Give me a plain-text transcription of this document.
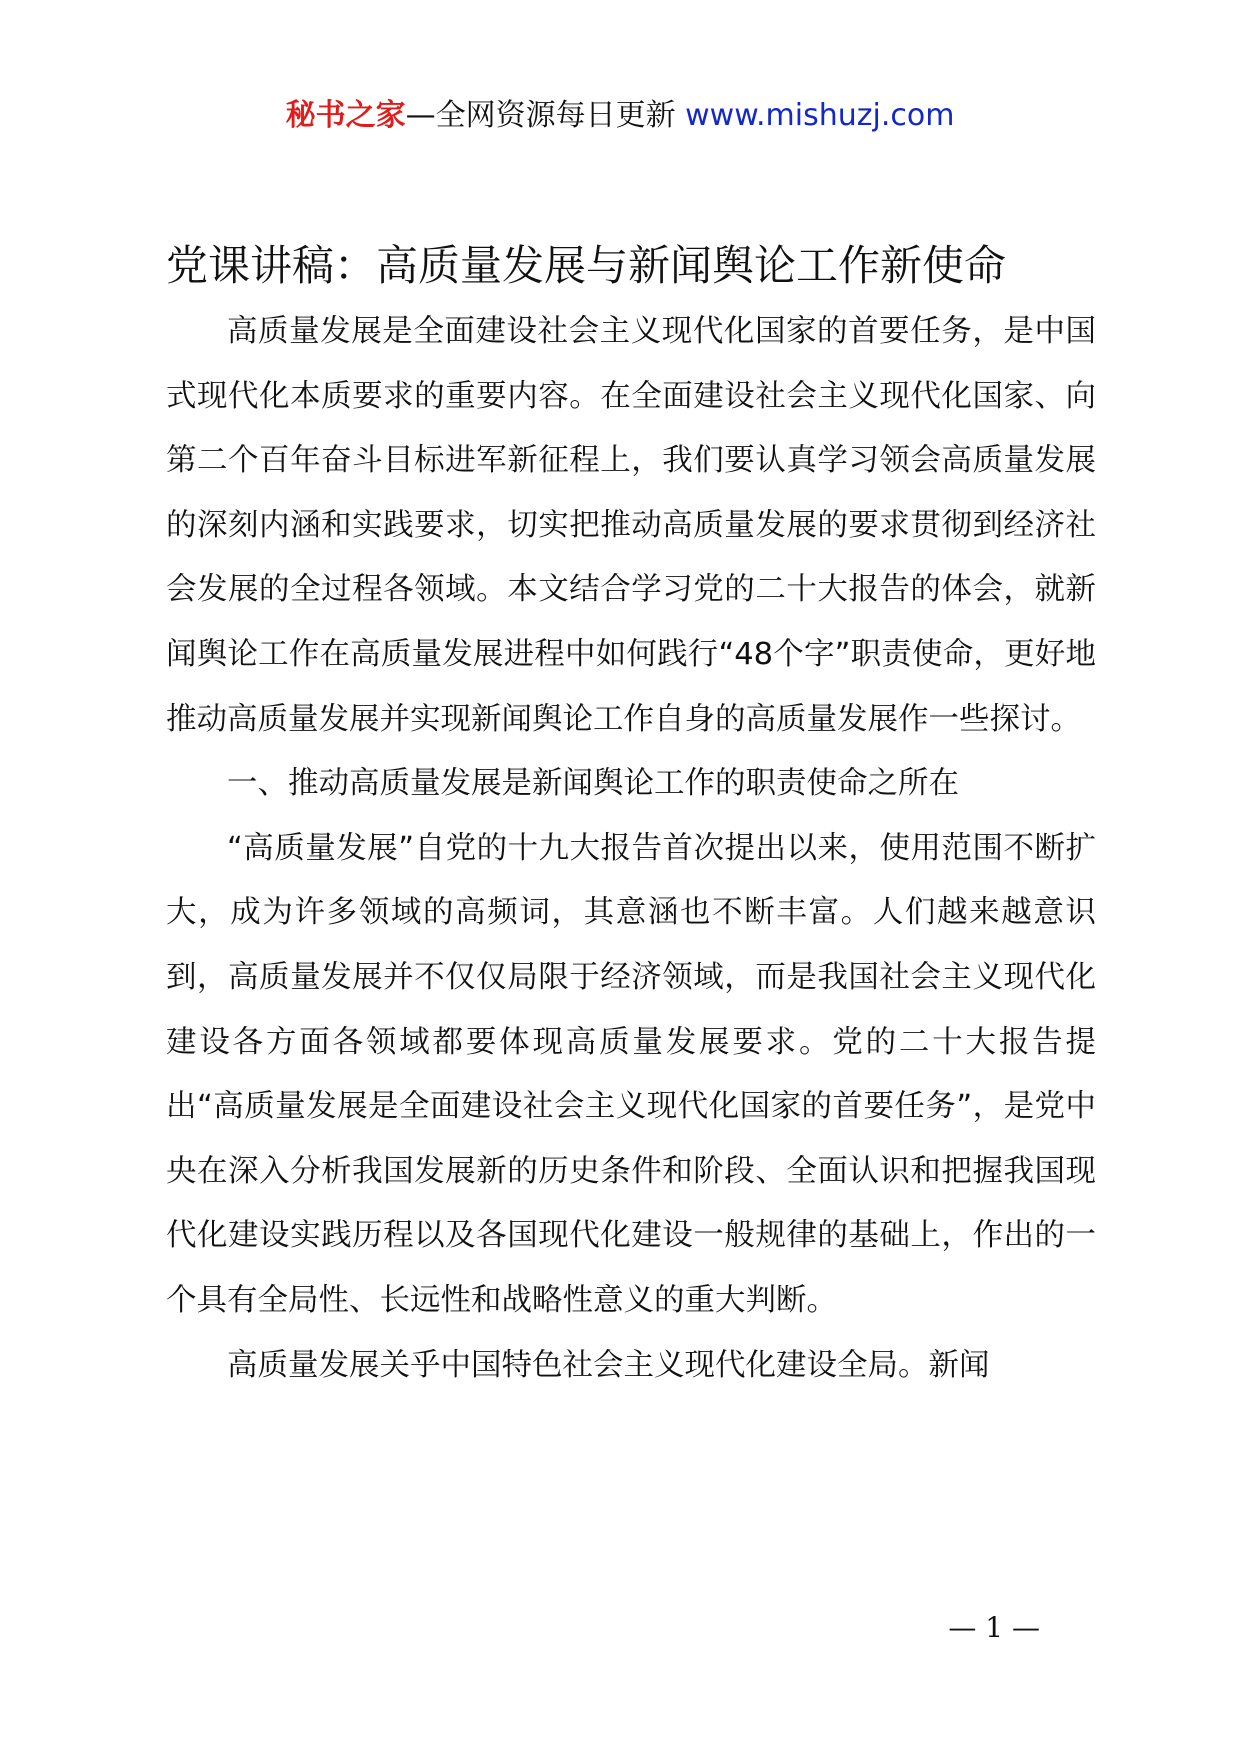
秘书之家—全网资源每日更新 www.mishuzj.com
党课讲稿：高质量发展与新闻舆论工作新使命

高质量发展是全面建设社会主义现代化国家的首要任务，是中国式现代化本质要求的重要内容。在全面建设社会主义现代化国家、向第二个百年奋斗目标进军新征程上，我们要认真学习领会高质量发展的深刻内涵和实践要求，切实把推动高质量发展的要求贯彻到经济社会发展的全过程各领域。本文结合学习党的二十大报告的体会，就新闻舆论工作在高质量发展进程中如何践行“48个字”职责使命，更好地推动高质量发展并实现新闻舆论工作自身的高质量发展作一些探讨。

一、推动高质量发展是新闻舆论工作的职责使命之所在

“高质量发展”自党的十九大报告首次提出以来，使用范围不断扩大，成为许多领域的高频词，其意涵也不断丰富。人们越来越意识到，高质量发展并不仅仅局限于经济领域，而是我国社会主义现代化建设各方面各领域都要体现高质量发展要求。党的二十大报告提出“高质量发展是全面建设社会主义现代化国家的首要任务”，是党中央在深入分析我国发展新的历史条件和阶段、全面认识和把握我国现代化建设实践历程以及各国现代化建设一般规律的基础上，作出的一个具有全局性、长远性和战略性意义的重大判断。

高质量发展关乎中国特色社会主义现代化建设全局。新闻

— 1 —
